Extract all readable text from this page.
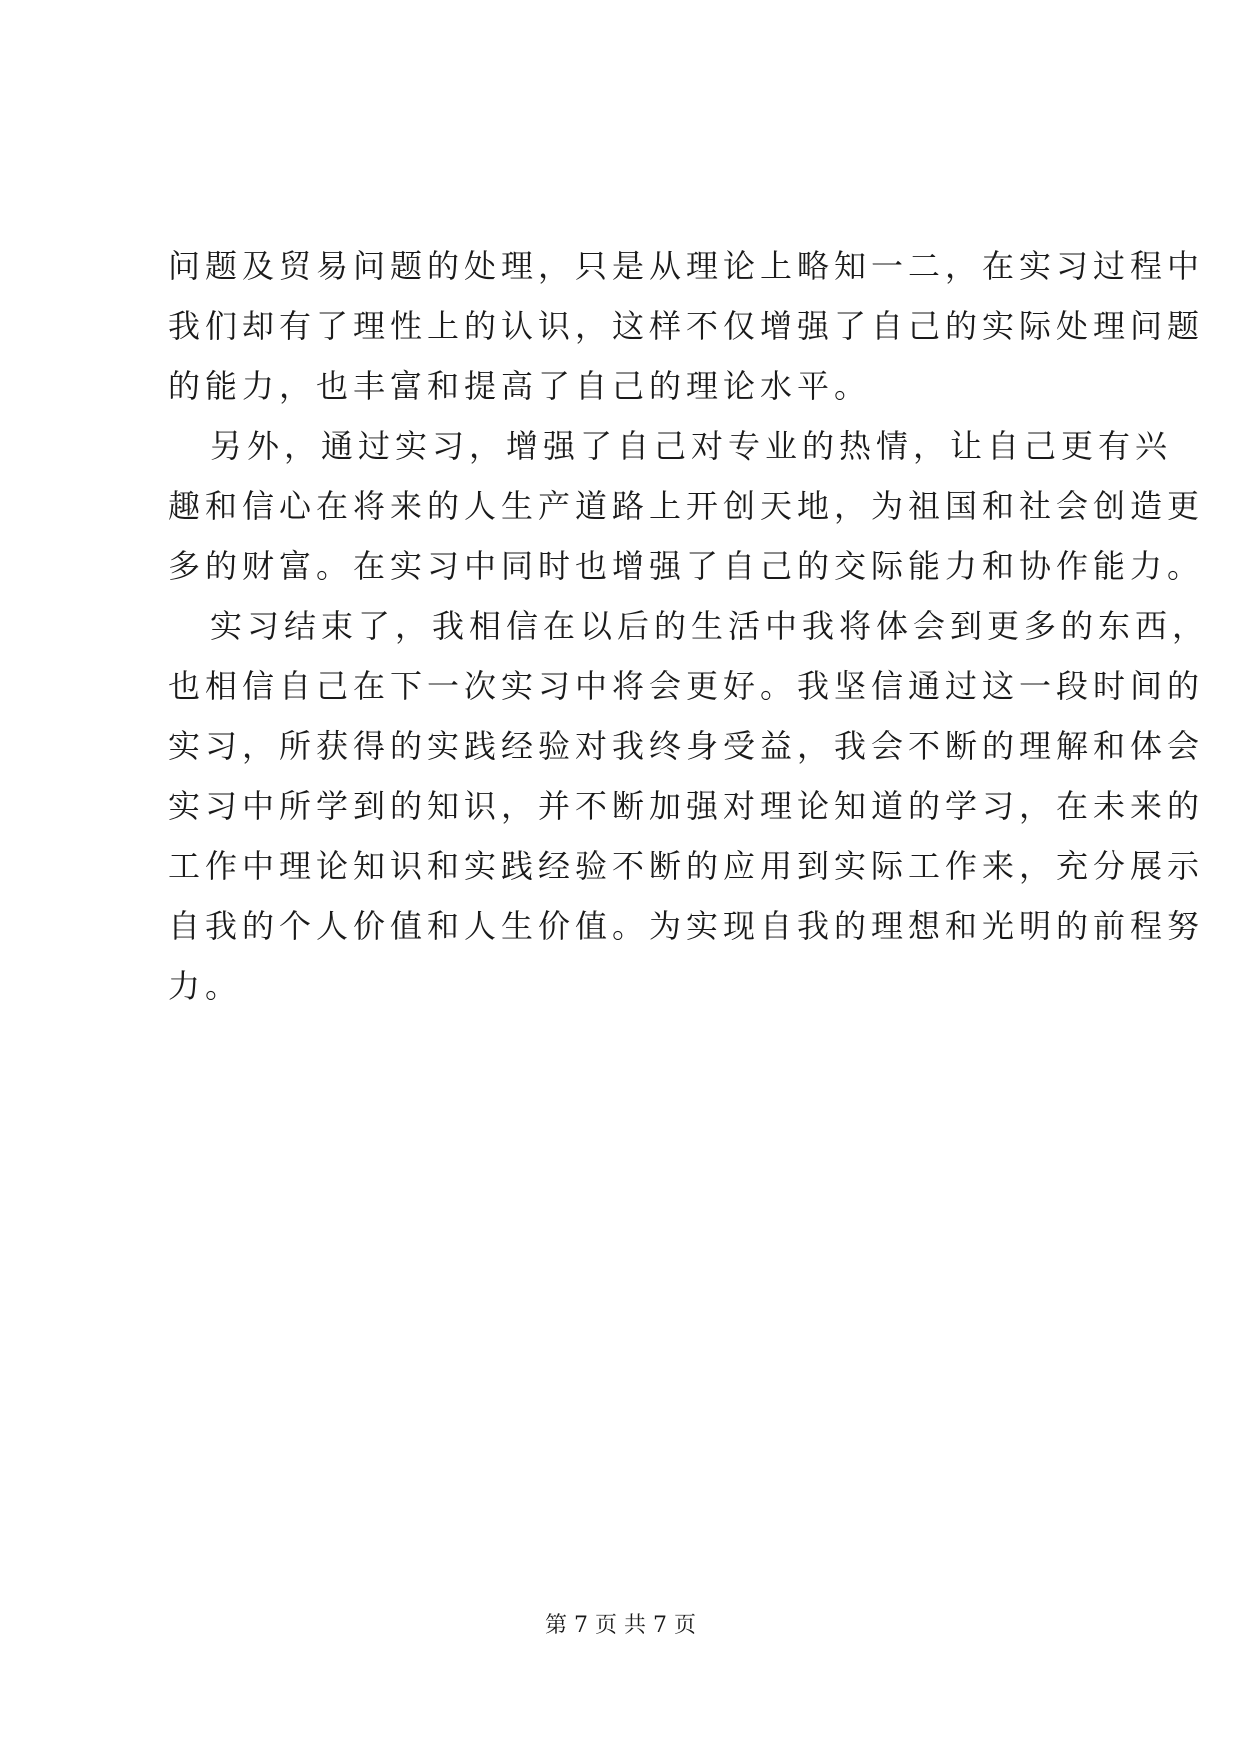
问题及贸易问题的处理，只是从理论上略知一二，在实习过程中
我们却有了理性上的认识，这样不仅增强了自己的实际处理问题
的能力，也丰富和提高了自己的理论水平。
另外，通过实习，增强了自己对专业的热情，让自己更有兴
趣和信心在将来的人生产道路上开创天地，为祖国和社会创造更
多的财富。在实习中同时也增强了自己的交际能力和协作能力。
实习结束了，我相信在以后的生活中我将体会到更多的东西，
也相信自己在下一次实习中将会更好。我坚信通过这一段时间的
实习，所获得的实践经验对我终身受益，我会不断的理解和体会
实习中所学到的知识，并不断加强对理论知道的学习，在未来的
工作中理论知识和实践经验不断的应用到实际工作来，充分展示
自我的个人价值和人生价值。为实现自我的理想和光明的前程努
力。
第 7 页 共 7 页
